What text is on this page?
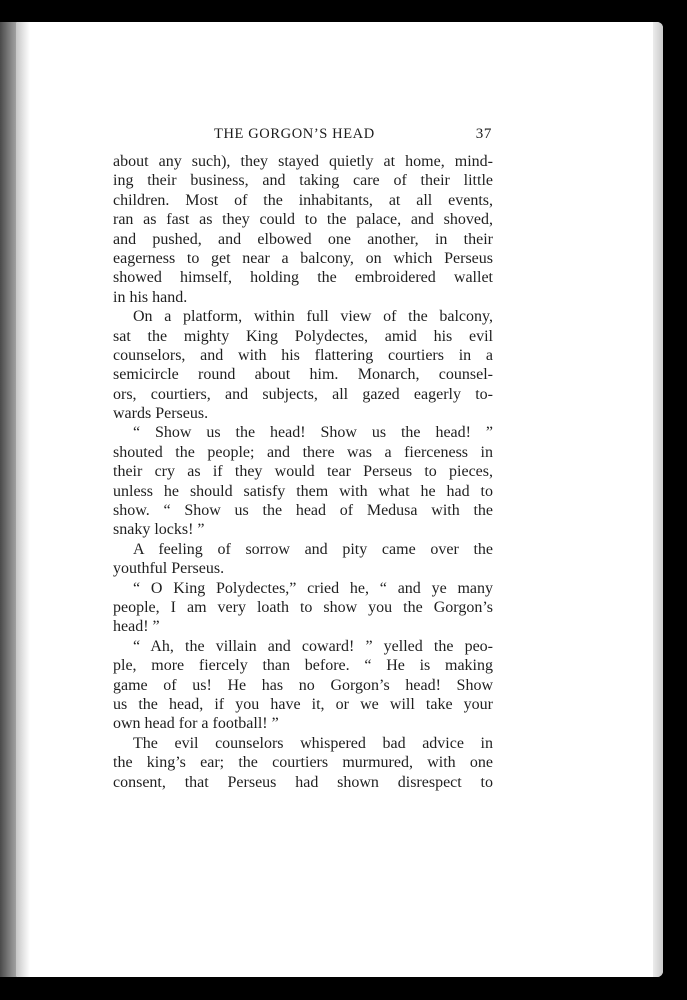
THE GORGON’S HEAD	37
about any such), they stayed quietly at home, mind-
ing their business, and taking care of their little
children. Most of the inhabitants, at all events,
ran as fast as they could to the palace, and shoved,
and pushed, and elbowed one another, in their
eagerness to get near a balcony, on which Perseus
showed himself, holding the embroidered wallet
in his hand.
On a platform, within full view of the balcony,
sat the mighty King Polydectes, amid his evil
counselors, and with his flattering courtiers in a
semicircle round about him. Monarch, counsel-
ors, courtiers, and subjects, all gazed eagerly to-
wards Perseus.
“ Show us the head! Show us the head! ”
shouted the people; and there was a fierceness in
their cry as if they would tear Perseus to pieces,
unless he should satisfy them with what he had to
show. “ Show us the head of Medusa with the
snaky locks! ”
A feeling of sorrow and pity came over the
youthful Perseus.
“ O King Polydectes,” cried he, “ and ye many
people, I am very loath to show you the Gorgon’s
head! ”
“ Ah, the villain and coward! ” yelled the peo-
ple, more fiercely than before. “ He is making
game of us! He has no Gorgon’s head! Show
us the head, if you have it, or we will take your
own head for a football! ”
The evil counselors whispered bad advice in
the king’s ear; the courtiers murmured, with one
consent, that Perseus had shown disrespect to
